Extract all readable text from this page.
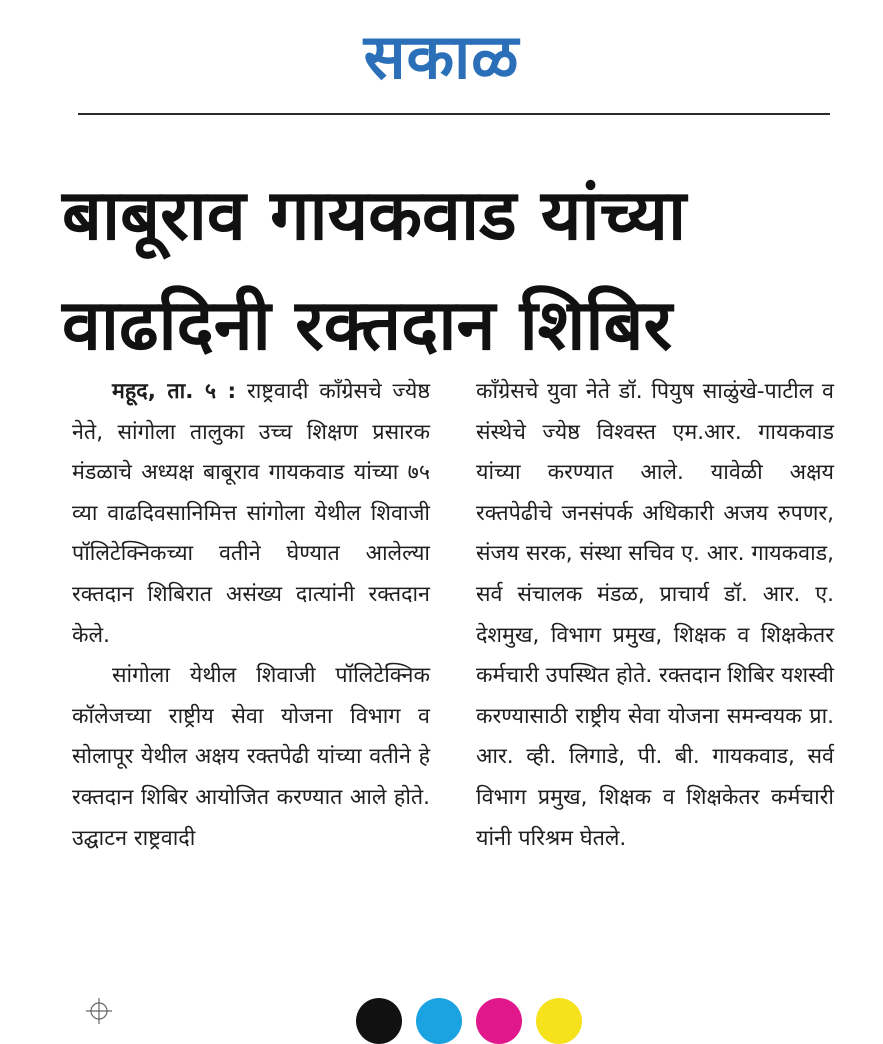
सकाळ
बाबूराव गायकवाड यांच्या
वाढदिनी रक्तदान शिबिर

महूद, ता. ५ : राष्ट्रवादी काँग्रेसचे ज्येष्ठ नेते, सांगोला तालुका उच्च शिक्षण प्रसारक मंडळाचे अध्यक्ष बाबूराव गायकवाड यांच्या ७५ व्या वाढदिवसानिमित्त सांगोला येथील शिवाजी पॉलिटेक्निकच्या वतीने घेण्यात आलेल्या रक्तदान शिबिरात असंख्य दात्यांनी रक्तदान केले.

सांगोला येथील शिवाजी पॉलिटेक्निक कॉलेजच्या राष्ट्रीय सेवा योजना विभाग व सोलापूर येथील अक्षय रक्तपेढी यांच्या वतीने हे रक्तदान शिबिर आयोजित करण्यात आले होते. उद्घाटन राष्ट्रवादी

काँग्रेसचे युवा नेते डॉ. पियुष साळुंखे-पाटील व संस्थेचे ज्येष्ठ विश्‍वस्त एम.आर. गायकवाड यांच्या करण्यात आले. यावेळी अक्षय रक्तपेढीचे जनसंपर्क अधिकारी अजय रुपणर, संजय सरक, संस्था सचिव ए. आर. गायकवाड, सर्व संचालक मंडळ, प्राचार्य डॉ. आर. ए. देशमुख, विभाग प्रमुख, शिक्षक व शिक्षकेतर कर्मचारी उपस्थित होते. रक्तदान शिबिर यशस्वी करण्यासाठी राष्ट्रीय सेवा योजना समन्वयक प्रा. आर. व्ही. लिगाडे, पी. बी. गायकवाड, सर्व विभाग प्रमुख, शिक्षक व शिक्षकेतर कर्मचारी यांनी परिश्रम घेतले.
